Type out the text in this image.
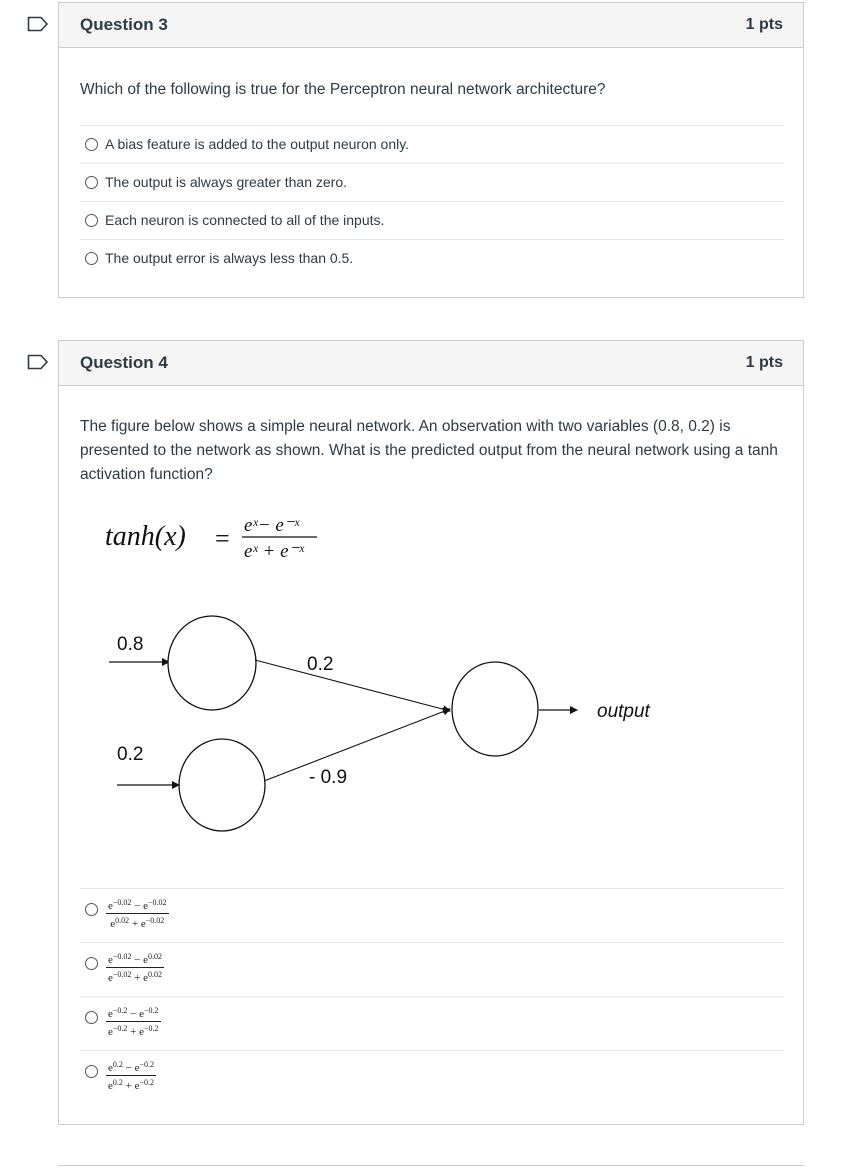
Question 3	1 pts
Which of the following is true for the Perceptron neural network architecture?
A bias feature is added to the output neuron only.
The output is always greater than zero.
Each neuron is connected to all of the inputs.
The output error is always less than 0.5.
Question 4	1 pts
The figure below shows a simple neural network. An observation with two variables (0.8, 0.2) is presented to the network as shown. What is the predicted output from the neural network using a tanh activation function?
tanh(x) = eˣ− e⁻ˣ
eˣ + e⁻ˣ
0.8
0.2
0.2
- 0.9
output
$\frac{e^{-0.02} - e^{-0.02}}{e^{0.02} + e^{-0.02}}$
$\frac{e^{-0.02} - e^{0.02}}{e^{-0.02} + e^{0.02}}$
$\frac{e^{-0.2} - e^{-0.2}}{e^{-0.2} + e^{-0.2}}$
$\frac{e^{0.2} - e^{-0.2}}{e^{0.2} + e^{-0.2}}$
